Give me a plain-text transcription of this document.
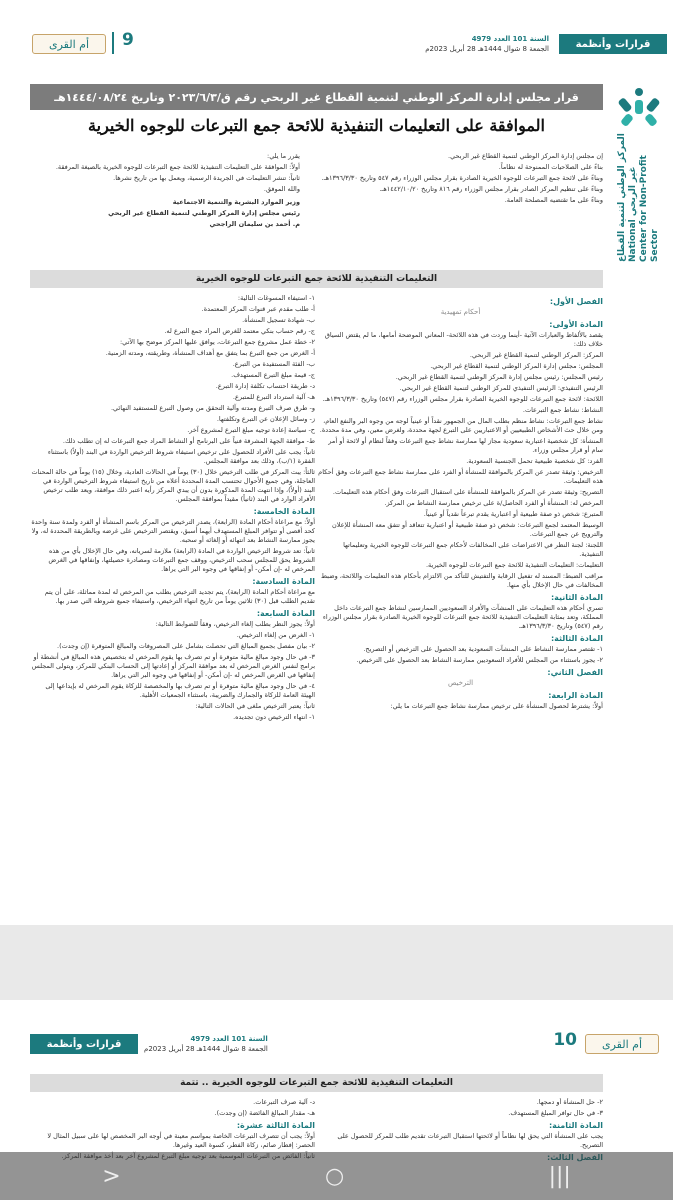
قرارات وأنظمة
السنة 101 العدد 4979
الجمعة 8 شوال 1444هـ 28 أبريل 2023م
9
أم القرى
المركز الوطني لتنمية القطاع غير الربحي National Center for Non-Profit Sector
قرار مجلس إدارة المركز الوطني لتنمية القطاع غير الربحي رقم ق/٢٠٢٣/٦/٣ وتاريخ ١٤٤٤/٠٨/٢٤هـ
الموافقة على التعليمات التنفيذية للائحة جمع التبرعات للوجوه الخيرية

إن مجلس إدارة المركز الوطني لتنمية القطاع غير الربحي.

بناءً على الصلاحيات الممنوحة له نظاماً.

وبناءً على لائحة جمع التبرعات للوجوه الخيرية الصادرة بقرار مجلس الوزراء رقم ٥٤٧ وتاريخ ١٣٩٦/٣/٣٠هـ.

وبناءً على تنظيم المركز الصادر بقرار مجلس الوزراء رقم ٨١٦ وتاريخ ١٤٤٢/١٠/٢٠هـ.

وبناءً على ما تقتضيه المصلحة العامة.

يقرر ما يلي:

أولاً: الموافقة على التعليمات التنفيذية للائحة جمع التبرعات للوجوه الخيرية بالصيغة المرفقة.

ثانياً: تنشر التعليمات في الجريدة الرسمية، ويعمل بها من تاريخ نشرها.

والله الموفق.

وزير الموارد البشرية والتنمية الاجتماعية

رئيس مجلس إدارة المركز الوطني لتنمية القطاع غير الربحي

م. أحمد بن سليمان الراجحي

التعليمات التنفيذية للائحة جمع التبرعات للوجوه الخيرية

الفصل الأول:

أحكام تمهيدية

المادة الأولى:

يقصد بالألفاظ والعبارات الآتية -أينما وردت في هذه اللائحة- المعاني الموضحة أمامها، ما لم يقتض السياق خلاف ذلك:

المركز: المركز الوطني لتنمية القطاع غير الربحي.

المجلس: مجلس إدارة المركز الوطني لتنمية القطاع غير الربحي.

رئيس المجلس: رئيس مجلس إدارة المركز الوطني لتنمية القطاع غير الربحي.

الرئيس التنفيذي: الرئيس التنفيذي للمركز الوطني لتنمية القطاع غير الربحي.

اللائحة: لائحة جمع التبرعات للوجوه الخيرية الصادرة بقرار مجلس الوزراء رقم (٥٤٧) وتاريخ ١٣٩٦/٣/٣٠هـ.

النشاط: نشاط جمع التبرعات.

نشاط جمع التبرعات: نشاط منظم بطلب المال من الجمهور نقداً أو عينياً لوجه من وجوه البر والنفع العام، ومن خلال حث الأشخاص الطبيعيين أو الاعتباريين على التبرع لجهة محددة، ولغرض معين، وفي مدة محددة.

المنشأة: كل شخصية اعتبارية سعودية مجاز لها ممارسة نشاط جمع التبرعات وفقاً لنظام أو لائحة أو أمر سام أو قرار مجلس وزراء.

الفرد: كل شخصية طبيعية تحمل الجنسية السعودية.

الترخيص: وثيقة تصدر عن المركز بالموافقة للمنشأة أو الفرد على ممارسة نشاط جمع التبرعات وفق أحكام هذه التعليمات.

التصريح: وثيقة تصدر عن المركز بالموافقة للمنشأة على استقبال التبرعات وفق أحكام هذه التعليمات.

المرخص له: المنشأة أو الفرد الحاصل/ة على ترخيص ممارسة النشاط من المركز.

المتبرع: شخص ذو صفة طبيعية أو اعتبارية يقدم تبرعاً نقدياً أو عينياً.

الوسيط المعتمد لجمع التبرعات: شخص ذو صفة طبيعية أو اعتبارية تتعاقد أو تتفق معه المنشأة للإعلان والترويج عن جمع التبرعات.

اللجنة: لجنة النظر في الاعتراضات على المخالفات لأحكام جمع التبرعات للوجوه الخيرية وتعليماتها التنفيذية.

التعليمات: التعليمات التنفيذية للائحة جمع التبرعات للوجوه الخيرية.

مراقب الضبط: المسند له تفعيل الرقابة والتفتيش للتأكد من الالتزام بأحكام هذه التعليمات واللائحة، وضبط المخالفات في حال الإخلال بأي منها.

المادة الثانية:

تسري أحكام هذه التعليمات على المنشآت والأفراد السعوديين الممارسين لنشاط جمع التبرعات داخل المملكة، وتعد بمثابة التعليمات التنفيذية للائحة جمع التبرعات للوجوه الخيرية الصادرة بقرار مجلس الوزراء رقم (٥٤٧) وتاريخ ١٣٩٦/٣/٣٠هـ.

المادة الثالثة:

١- تقتصر ممارسة النشاط على المنشآت السعودية بعد الحصول على الترخيص أو التصريح.

٢- يجوز باستثناء من المجلس للأفراد السعوديين ممارسة النشاط بعد الحصول على الترخيص.

الفصل الثاني:

الترخيص

المادة الرابعة:

أولاً: يشترط لحصول المنشأة على ترخيص ممارسة نشاط جمع التبرعات ما يلي:

١- استيفاء المسوغات التالية:

أ- طلب مقدم عبر قنوات المركز المعتمدة.

ب- شهادة تسجيل المنشأة.

ج- رقم حساب بنكي معتمد للغرض المراد جمع التبرع له.

٢- خطة عمل مشروع جمع التبرعات، يوافق عليها المركز موضح بها الآتي:

أ- الغرض من جمع التبرع بما يتفق مع أهداف المنشأة، وطريقته، ومدته الزمنية.

ب- الفئة المستفيدة من التبرع.

ج- قيمة مبلغ التبرع المستهدف.

د- طريقة احتساب تكلفة إدارة التبرع.

هـ- آلية استرداد التبرع للمتبرع.

و- طرق صرف التبرع ومدته وآلية التحقق من وصول التبرع للمستفيد النهائي.

ز- وسائل الإعلان عن التبرع وتكلفتها.

ح- سياسة إعادة توجيه مبلغ التبرع لمشروع آخر.

ط- موافقة الجهة المشرفة فنياً على البرنامج أو النشاط المراد جمع التبرعات له إن تطلب ذلك.

ثانياً: يجب على الأفراد للحصول على ترخيص استيفاء شروط الترخيص الواردة في البند (أولاً) باستثناء الفقرة (١/ب)، وذلك بعد موافقة المجلس.

ثالثاً: يبت المركز في طلب الترخيص خلال (٣٠) يوماً في الحالات العادية، وخلال (١٥) يوماً في حالة المحنات العاجلة، وفي جميع الأحوال تحتسب المدة المحددة أعلاه من تاريخ استيفاء شروط الترخيص الواردة في البند (أولاً)، وإذا انتهت المدة المذكورة بدون أن يبدي المركز رأيه اعتبر ذلك موافقة، ويعد طلب ترخيص الأفراد الوارد في البند (ثانياً) مقيداً بموافقة المجلس.

المادة الخامسة:

أولاً: مع مراعاة أحكام المادة (الرابعة)، يصدر الترخيص من المركز باسم المنشأة أو الفرد ولمدة سنة واحدة كحد أقصى أو تتوافر المبلغ المستهدف أيهما أسبق، ويقتصر الترخيص على غرضه وبالطريقة المحددة له، ولا يجوز ممارسة النشاط بعد انتهائه أو إلغائه أو سحبه.

ثانياً: تعد شروط الترخيص الواردة في المادة (الرابعة) ملازمة لسريانه، وفي حال الإخلال بأي من هذه الشروط يحق للمجلس سحب الترخيص، ووقف جمع التبرعات ومصادرة حصيلتها، وإنفاقها في الغرض المرخص له -إن أمكن- أو إنفاقها في وجوه البر التي يراها.

المادة السادسة:

مع مراعاة أحكام المادة (الرابعة)، يتم تجديد الترخيص بطلب من المرخص له لمدة مماثلة، على أن يتم تقديم الطلب قبل (٣٠) ثلاثين يوماً من تاريخ انتهاء الترخيص، واستيفاء جميع شروطه التي صدر بها.

المادة السابعة:

أولاً: يجوز النظر بطلب إلغاء الترخيص، وفقاً للضوابط التالية:

١- الغرض من إلغاء الترخيص.

٢- بيان مفصل بجميع المبالغ التي تحصلت بشامل على المصروفات والمبالغ المتوفرة (إن وجدت).

٣- في حال وجود مبالغ مالية متوفرة أو تم تصرف بها يقوم المرخص له بتخصيص هذه المبالغ في أنشطة أو برامج لنفس الغرض المرخص له بعد موافقة المركز أو إعادتها إلى الحساب البنكي للمركز، ويتولى المجلس إنفاقها في الغرض المرخص له -إن أمكن- أو إنفاقها في وجوه البر التي يراها.

٤- في حال وجود مبالغ مالية متوفرة أو تم تصرف بها والمخصصة للزكاة يقوم المرخص له بإيداعها إلى الهيئة العامة للزكاة والجمارك والضريبة، باستثناء الجمعيات الأهلية.

ثانياً: يعتبر الترخيص ملغى في الحالات التالية:

١- انتهاء الترخيص دون تجديده.

قرارات وأنظمة	السنة 101 العدد 4979
الجمعة 8 شوال 1444هـ 28 أبريل 2023م	10	أم القرى
التعليمات التنفيذية للائحة جمع التبرعات للوجوه الخيرية .. تتمة

٢- حل المنشأة أو دمجها.

٣- في حال توافر المبلغ المستهدف.

المادة الثامنة:

يجب على المنشأة التي يحق لها نظاماً أو لائحتها استقبال التبرعات تقديم طلب للمركز للحصول على التصريح.

د- آلية صرف التبرعات.

هـ- مقدار المبالغ الفائضة (إن وجدت).

المادة الثالثة عشرة:

أولاً: يجب أن تتصرف التبرعات الخاصة بمواسم معينة في أوجه البر المخصص لها على سبيل المثال لا الحصر: إفطار صائم، زكاة الفطر، كسوة العيد وغيرها.

|||
○
<
